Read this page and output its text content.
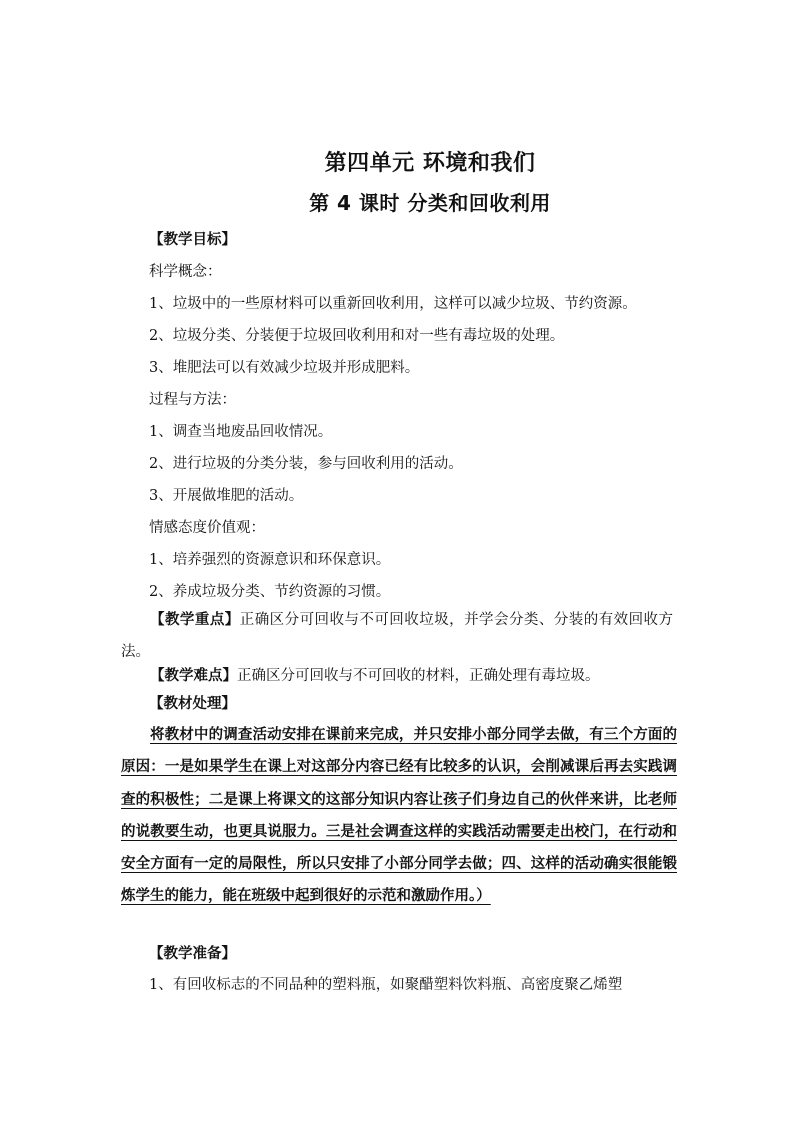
第四单元 环境和我们
第 4 课时 分类和回收利用
【教学目标】
科学概念：
1、垃圾中的一些原材料可以重新回收利用，这样可以减少垃圾、节约资源。
2、垃圾分类、分装便于垃圾回收利用和对一些有毒垃圾的处理。
3、堆肥法可以有效减少垃圾并形成肥料。
过程与方法：
1、调查当地废品回收情况。
2、进行垃圾的分类分装，参与回收利用的活动。
3、开展做堆肥的活动。
情感态度价值观：
1、培养强烈的资源意识和环保意识。
2、养成垃圾分类、节约资源的习惯。
【教学重点】正确区分可回收与不可回收垃圾，并学会分类、分装的有效回收方法。
【教学难点】正确区分可回收与不可回收的材料，正确处理有毒垃圾。
【教材处理】
将教材中的调查活动安排在课前来完成，并只安排小部分同学去做，有三个方面的原因：一是如果学生在课上对这部分内容已经有比较多的认识，会削减课后再去实践调查的积极性；二是课上将课文的这部分知识内容让孩子们身边自己的伙伴来讲，比老师的说教要生动，也更具说服力。三是社会调查这样的实践活动需要走出校门，在行动和安全方面有一定的局限性，所以只安排了小部分同学去做；四、这样的活动确实很能锻炼学生的能力，能在班级中起到很好的示范和激励作用。）
【教学准备】
1、有回收标志的不同品种的塑料瓶，如聚醋塑料饮料瓶、高密度聚乙烯塑
